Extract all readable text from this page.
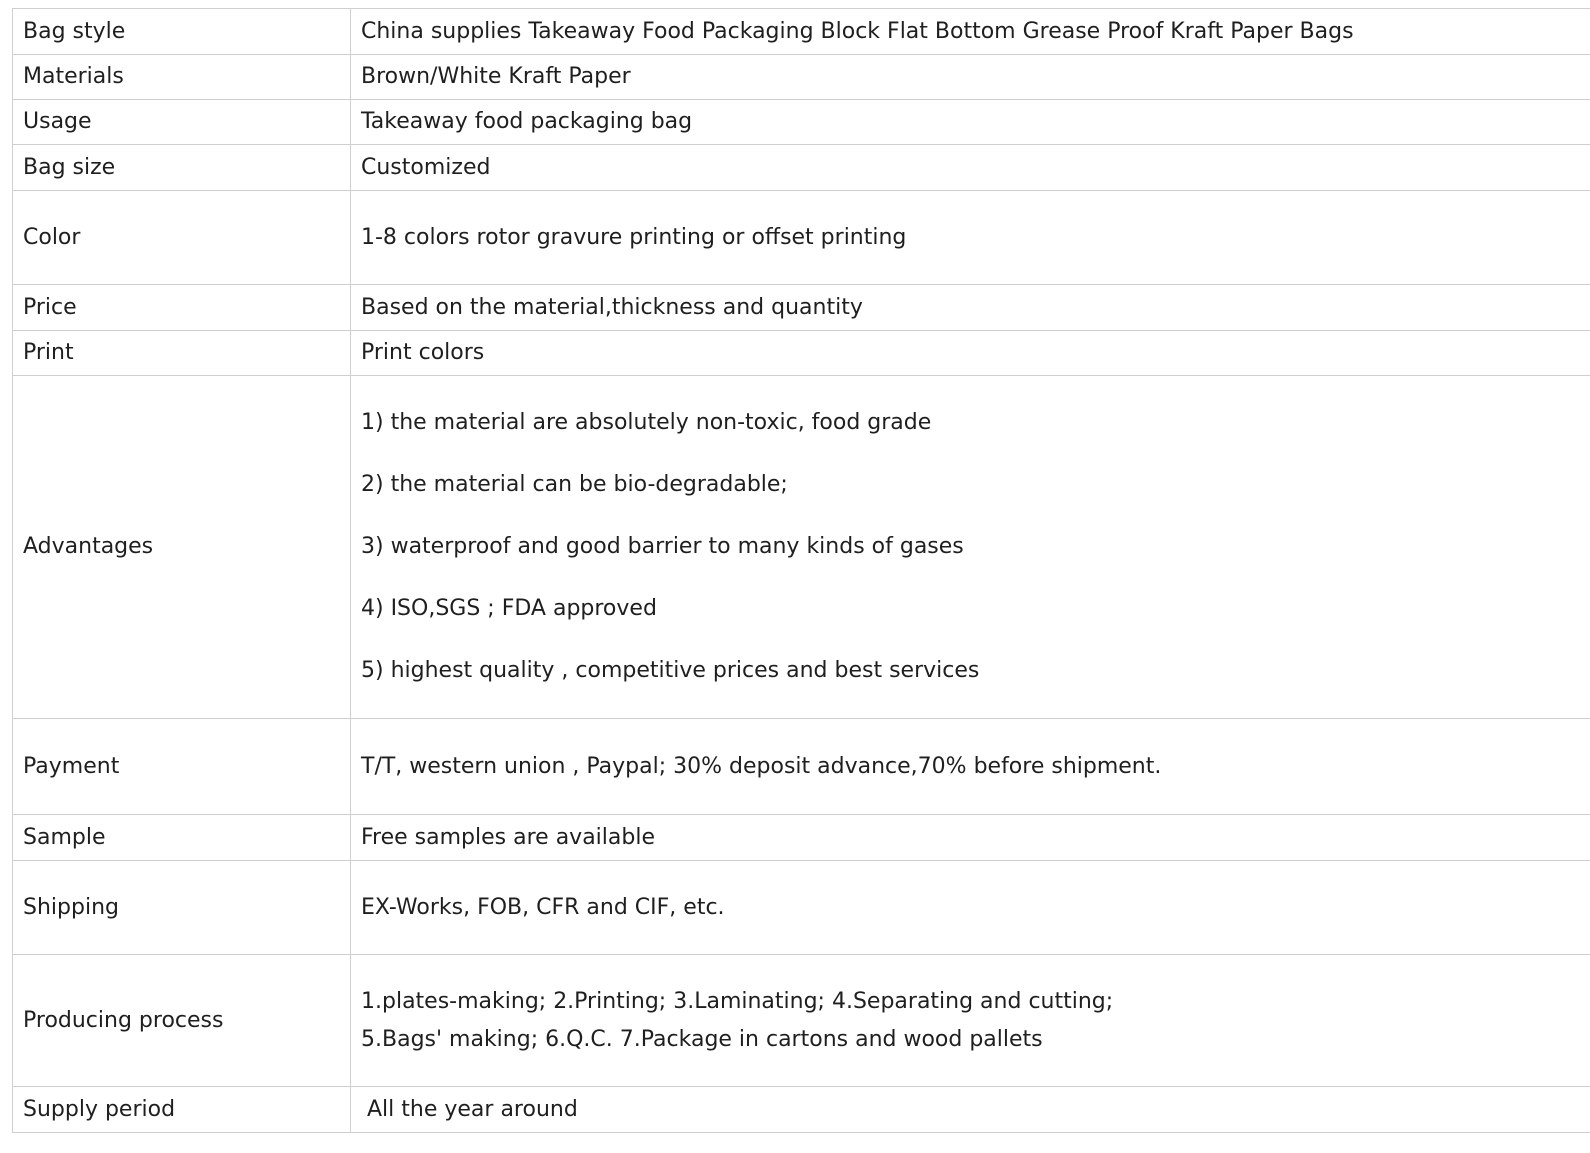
Bag style	China supplies Takeaway Food Packaging Block Flat Bottom Grease Proof Kraft Paper Bags
Materials	Brown/White Kraft Paper
Usage	Takeaway food packaging bag
Bag size	Customized
Color	1-8 colors rotor gravure printing or offset printing
Price	Based on the material,thickness and quantity
Print	Print colors
Advantages	1) the material are absolutely non-toxic, food grade
2) the material can be bio-degradable;
3) waterproof and good barrier to many kinds of gases
4) ISO,SGS ; FDA approved
5) highest quality , competitive prices and best services

Payment	T/T, western union , Paypal; 30% deposit advance,70% before shipment.
Sample	Free samples are available
Shipping	EX-Works, FOB, CFR and CIF, etc.
Producing process	1.plates-making; 2.Printing; 3.Laminating; 4.Separating and cutting;
5.Bags' making; 6.Q.C. 7.Package in cartons and wood pallets

Supply period	All the year around
